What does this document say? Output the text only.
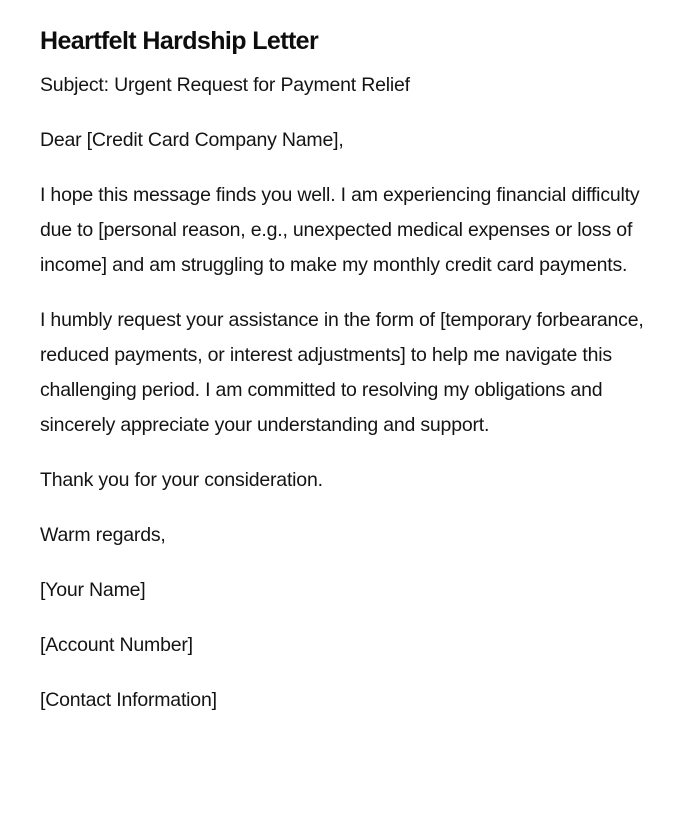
Heartfelt Hardship Letter

Subject: Urgent Request for Payment Relief

Dear [Credit Card Company Name],

I hope this message finds you well. I am experiencing financial difficulty due to [personal reason, e.g., unexpected medical expenses or loss of income] and am struggling to make my monthly credit card payments.

I humbly request your assistance in the form of [temporary forbearance, reduced payments, or interest adjustments] to help me navigate this challenging period. I am committed to resolving my obligations and sincerely appreciate your understanding and support.

Thank you for your consideration.

Warm regards,

[Your Name]

[Account Number]

[Contact Information]
